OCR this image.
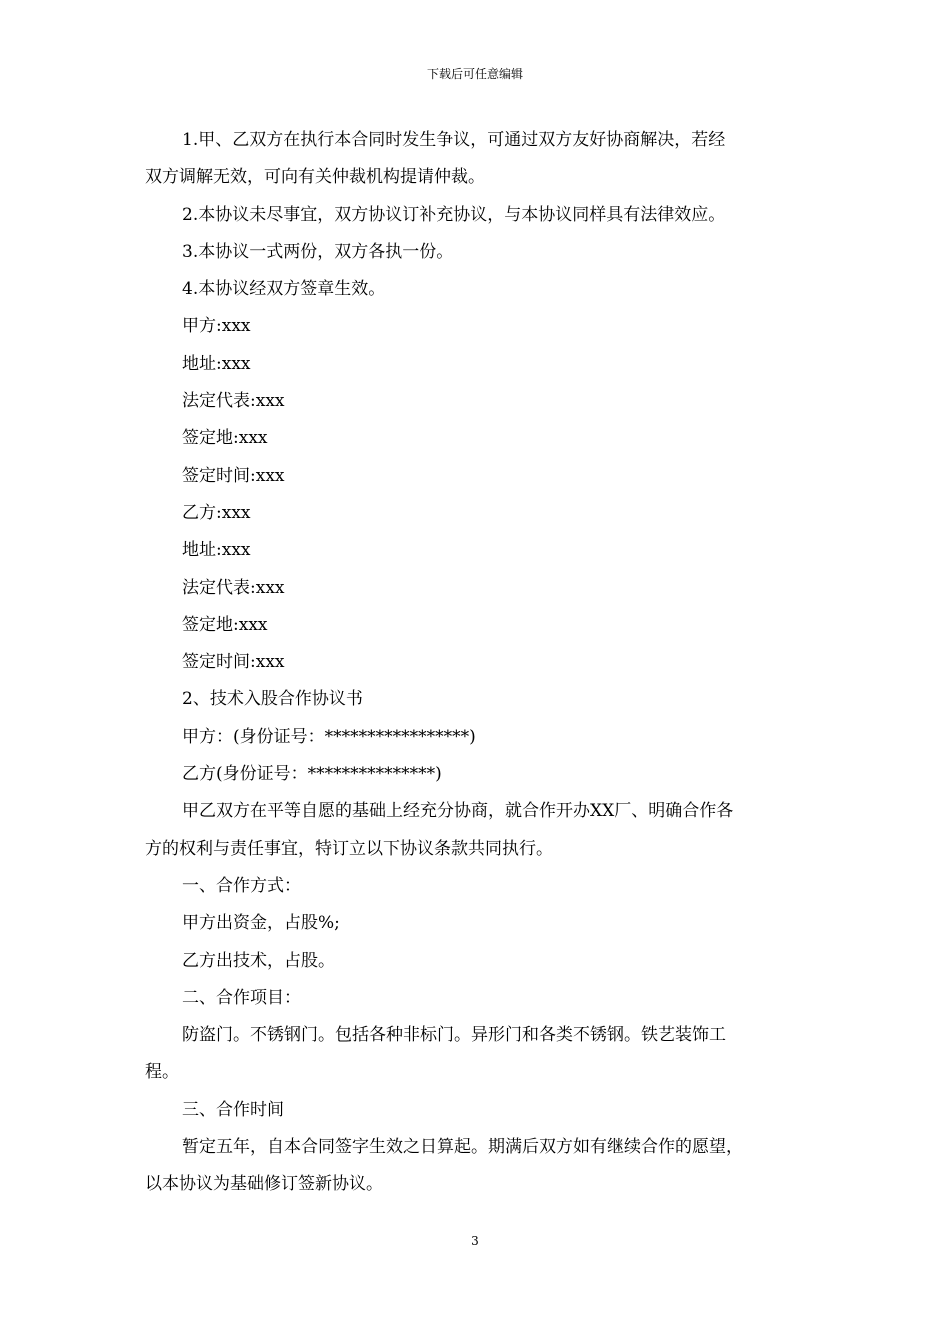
下载后可任意编辑

1.甲、乙双方在执行本合同时发生争议，可通过双方友好协商解决，若经
双方调解无效，可向有关仲裁机构提请仲裁。

2.本协议未尽事宜，双方协议订补充协议，与本协议同样具有法律效应。

3.本协议一式两份，双方各执一份。

4.本协议经双方签章生效。

甲方:xxx

地址:xxx

法定代表:xxx

签定地:xxx

签定时间:xxx

乙方:xxx

地址:xxx

法定代表:xxx

签定地:xxx

签定时间:xxx

2、技术入股合作协议书

甲方：(身份证号：*****************)

乙方(身份证号：***************)

甲乙双方在平等自愿的基础上经充分协商，就合作开办XX厂、明确合作各
方的权利与责任事宜，特订立以下协议条款共同执行。

一、合作方式：

甲方出资金，占股%;

乙方出技术，占股。

二、合作项目：

防盗门。不锈钢门。包括各种非标门。异形门和各类不锈钢。铁艺装饰工
程。

三、合作时间

暂定五年，自本合同签字生效之日算起。期满后双方如有继续合作的愿望，
以本协议为基础修订签新协议。

3
